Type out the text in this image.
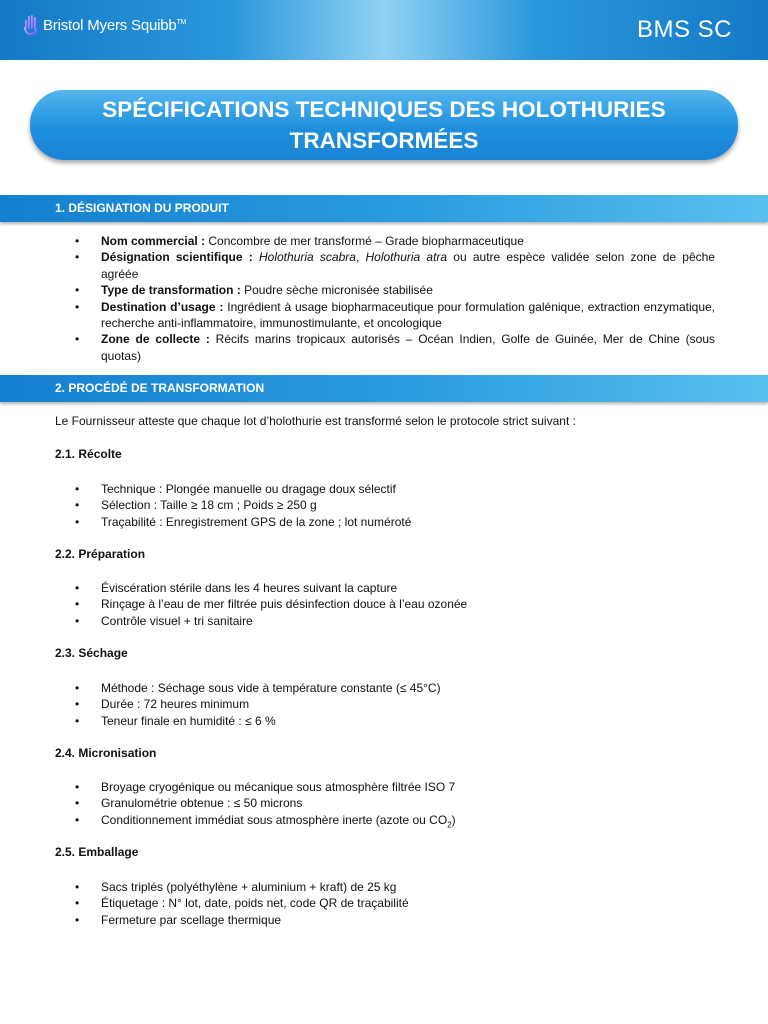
Bristol Myers Squibb™	BMS SC
SPÉCIFICATIONS TECHNIQUES DES HOLOTHURIES
TRANSFORMÉES
1. DÉSIGNATION DU PRODUIT
• Nom commercial : Concombre de mer transformé – Grade biopharmaceutique
• Désignation scientifique : Holothuria scabra, Holothuria atra ou autre espèce validée selon zone de pêche agréée
• Type de transformation : Poudre sèche micronisée stabilisée
• Destination d’usage : Ingrédient à usage biopharmaceutique pour formulation galénique, extraction enzymatique, recherche anti-inflammatoire, immunostimulante, et oncologique
• Zone de collecte : Récifs marins tropicaux autorisés – Océan Indien, Golfe de Guinée, Mer de Chine (sous quotas)
2. PROCÉDÉ DE TRANSFORMATION
Le Fournisseur atteste que chaque lot d’holothurie est transformé selon le protocole strict suivant :
2.1. Récolte
• Technique : Plongée manuelle ou dragage doux sélectif
• Sélection : Taille ≥ 18 cm ; Poids ≥ 250 g
• Traçabilité : Enregistrement GPS de la zone ; lot numéroté
2.2. Préparation
• Éviscération stérile dans les 4 heures suivant la capture
• Rinçage à l’eau de mer filtrée puis désinfection douce à l’eau ozonée
• Contrôle visuel + tri sanitaire
2.3. Séchage
• Méthode : Séchage sous vide à température constante (≤ 45°C)
• Durée : 72 heures minimum
• Teneur finale en humidité : ≤ 6 %
2.4. Micronisation
• Broyage cryogénique ou mécanique sous atmosphère filtrée ISO 7
• Granulométrie obtenue : ≤ 50 microns
• Conditionnement immédiat sous atmosphère inerte (azote ou $CO_2$)
2.5. Emballage
• Sacs triplés (polyéthylène + aluminium + kraft) de 25 kg
• Étiquetage : N° lot, date, poids net, code QR de traçabilité
• Fermeture par scellage thermique
